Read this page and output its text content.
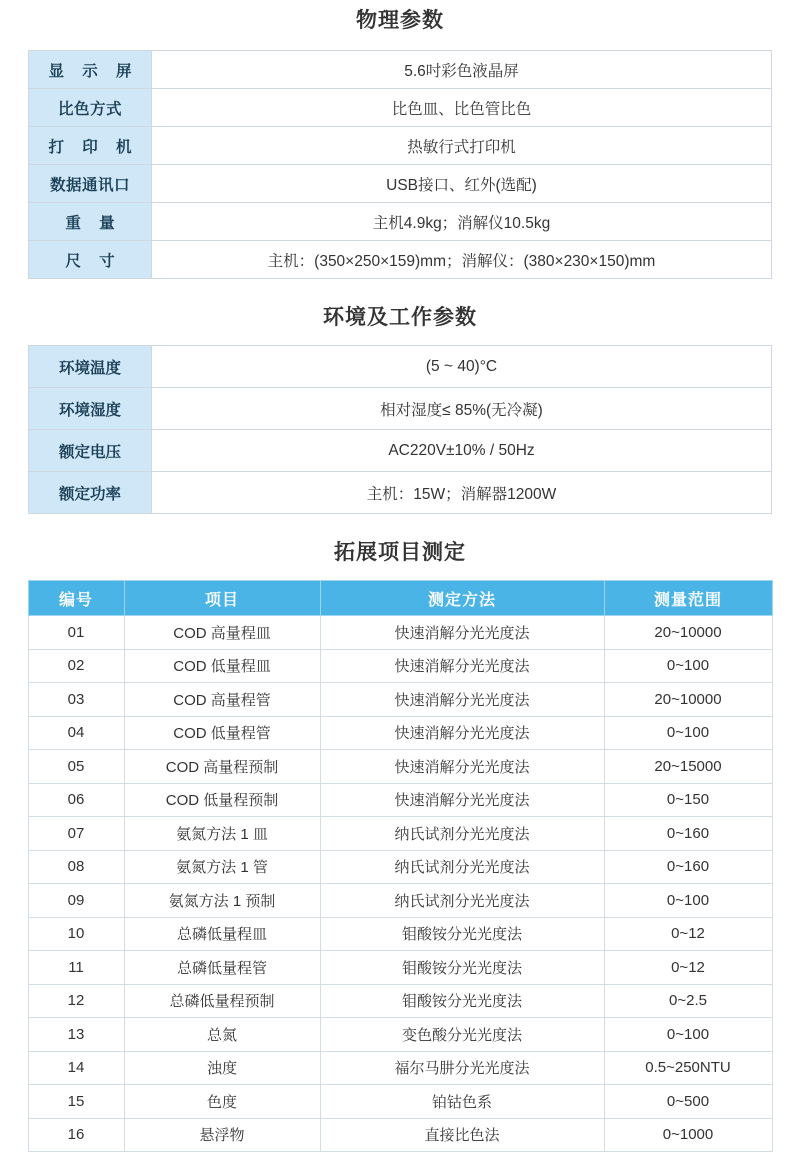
物理参数
显 示 屏	5.6吋彩色液晶屏
比色方式	比色皿、比色管比色
打 印 机	热敏行式打印机
数据通讯口	USB接口、红外(选配)
重 量	主机4.9kg；消解仪10.5kg
尺 寸	主机：(350×250×159)mm；消解仪：(380×230×150)mm
环境及工作参数
环境温度	(5 ~ 40)°C
环境湿度	相对湿度≤ 85%(无冷凝)
额定电压	AC220V±10% / 50Hz
额定功率	主机：15W；消解器1200W
拓展项目测定
编号	项目	测定方法	测量范围
01	COD 高量程皿	快速消解分光光度法	20~10000
02	COD 低量程皿	快速消解分光光度法	0~100
03	COD 高量程管	快速消解分光光度法	20~10000
04	COD 低量程管	快速消解分光光度法	0~100
05	COD 高量程预制	快速消解分光光度法	20~15000
06	COD 低量程预制	快速消解分光光度法	0~150
07	氨氮方法 1 皿	纳氏试剂分光光度法	0~160
08	氨氮方法 1 管	纳氏试剂分光光度法	0~160
09	氨氮方法 1 预制	纳氏试剂分光光度法	0~100
10	总磷低量程皿	钼酸铵分光光度法	0~12
11	总磷低量程管	钼酸铵分光光度法	0~12
12	总磷低量程预制	钼酸铵分光光度法	0~2.5
13	总氮	变色酸分光光度法	0~100
14	浊度	福尔马肼分光光度法	0.5~250NTU
15	色度	铂钴色系	0~500
16	悬浮物	直接比色法	0~1000
